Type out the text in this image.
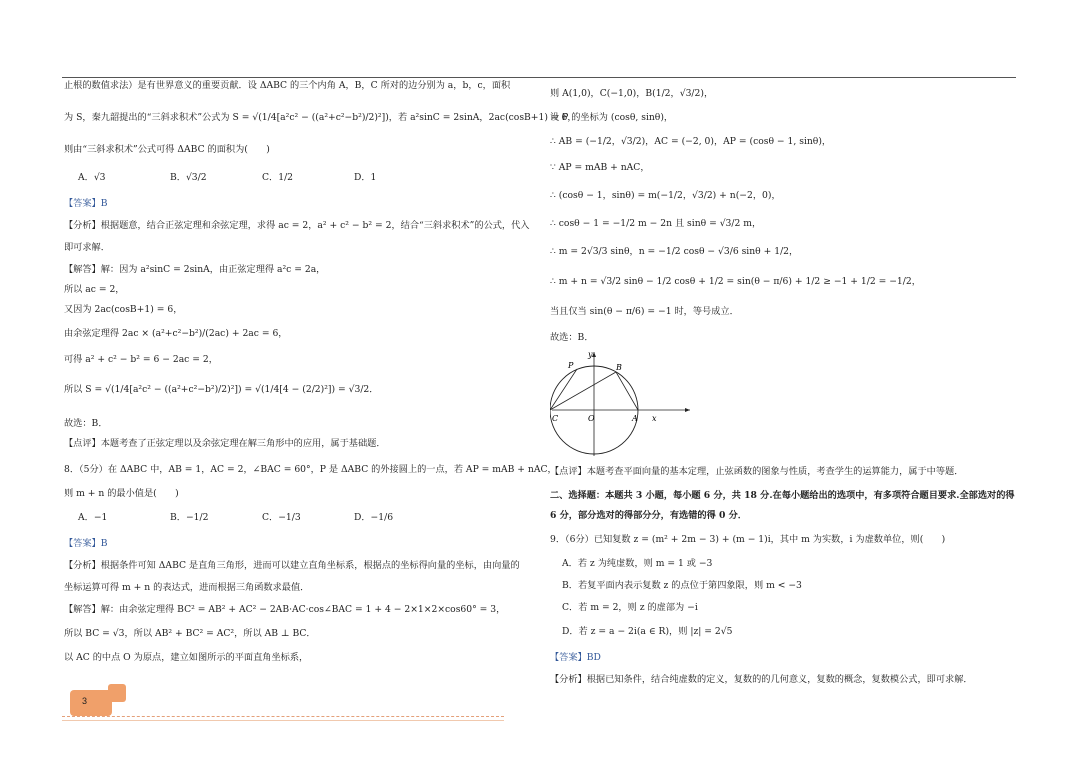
止根的数值求法）是有世界意义的重要贡献．设 ΔABC 的三个内角 A，B，C 所对的边分别为 a，b，c，面积
为 S，秦九韶提出的“三斜求积术”公式为 S = √(1/4[a²c² − ((a²+c²−b²)/2)²])，若 a²sinC = 2sinA，2ac(cosB+1) = 6，
则由“三斜求积术”公式可得 ΔABC 的面积为(　　)
A．√3	B．√3/2	C．1/2	D．1
【答案】B
【分析】根据题意，结合正弦定理和余弦定理，求得 ac = 2，a² + c² − b² = 2，结合“三斜求积术”的公式，代入
即可求解．
【解答】解：因为 a²sinC = 2sinA，由正弦定理得 a²c = 2a，
所以 ac = 2，
又因为 2ac(cosB+1) = 6，
由余弦定理得 2ac × (a²+c²−b²)/(2ac) + 2ac = 6，
可得 a² + c² − b² = 6 − 2ac = 2，
所以 S = √(1/4[a²c² − ((a²+c²−b²)/2)²]) = √(1/4[4 − (2/2)²]) = √3/2．
故选：B．
【点评】本题考查了正弦定理以及余弦定理在解三角形中的应用，属于基础题．
8．（5分）在 ΔABC 中，AB = 1，AC = 2，∠BAC = 60°，P 是 ΔABC 的外接圆上的一点，若 AP = mAB + nAC，
则 m + n 的最小值是(　　)
A．−1	B．−1/2	C．−1/3	D．−1/6
【答案】B
【分析】根据条件可知 ΔABC 是直角三角形，进而可以建立直角坐标系，根据点的坐标得向量的坐标，由向量的
坐标运算可得 m + n 的表达式，进而根据三角函数求最值．
【解答】解：由余弦定理得 BC² = AB² + AC² − 2AB·AC·cos∠BAC = 1 + 4 − 2×1×2×cos60° = 3，
所以 BC = √3，所以 AB² + BC² = AC²，所以 AB ⊥ BC．
以 AC 的中点 O 为原点，建立如图所示的平面直角坐标系，
则 A(1,0)，C(−1,0)，B(1/2，√3/2)，
设 P 的坐标为 (cosθ, sinθ)，
∴ AB = (−1/2，√3/2)，AC = (−2, 0)，AP = (cosθ − 1, sinθ)，
∵ AP = mAB + nAC，
∴ (cosθ − 1，sinθ) = m(−1/2，√3/2) + n(−2，0)，
∴ cosθ − 1 = −1/2 m − 2n 且 sinθ = √3/2 m，
∴ m = 2√3/3 sinθ，n = −1/2 cosθ − √3/6 sinθ + 1/2，
∴ m + n = √3/2 sinθ − 1/2 cosθ + 1/2 = sin(θ − π/6) + 1/2 ≥ −1 + 1/2 = −1/2，
当且仅当 sin(θ − π/6) = −1 时，等号成立．
故选：B．
y
P	B
C	O	A x
【点评】本题考查平面向量的基本定理，止弦函数的图象与性质，考查学生的运算能力，属于中等题．
二、选择题：本题共 3 小题，每小题 6 分，共 18 分.在每小题给出的选项中，有多项符合题目要求.全部选对的得
6 分，部分选对的得部分分，有选错的得 0 分．
9．（6分）已知复数 z = (m² + 2m − 3) + (m − 1)i，其中 m 为实数，i 为虚数单位，则(　　)
A．若 z 为纯虚数，则 m = 1 或 −3
B．若复平面内表示复数 z 的点位于第四象限，则 m < −3
C．若 m = 2，则 z 的虚部为 −i
D．若 z = a − 2i(a ∈ R)，则 |z| = 2√5
【答案】BD
【分析】根据已知条件，结合纯虚数的定义，复数的的几何意义，复数的概念，复数模公式，即可求解．
3
